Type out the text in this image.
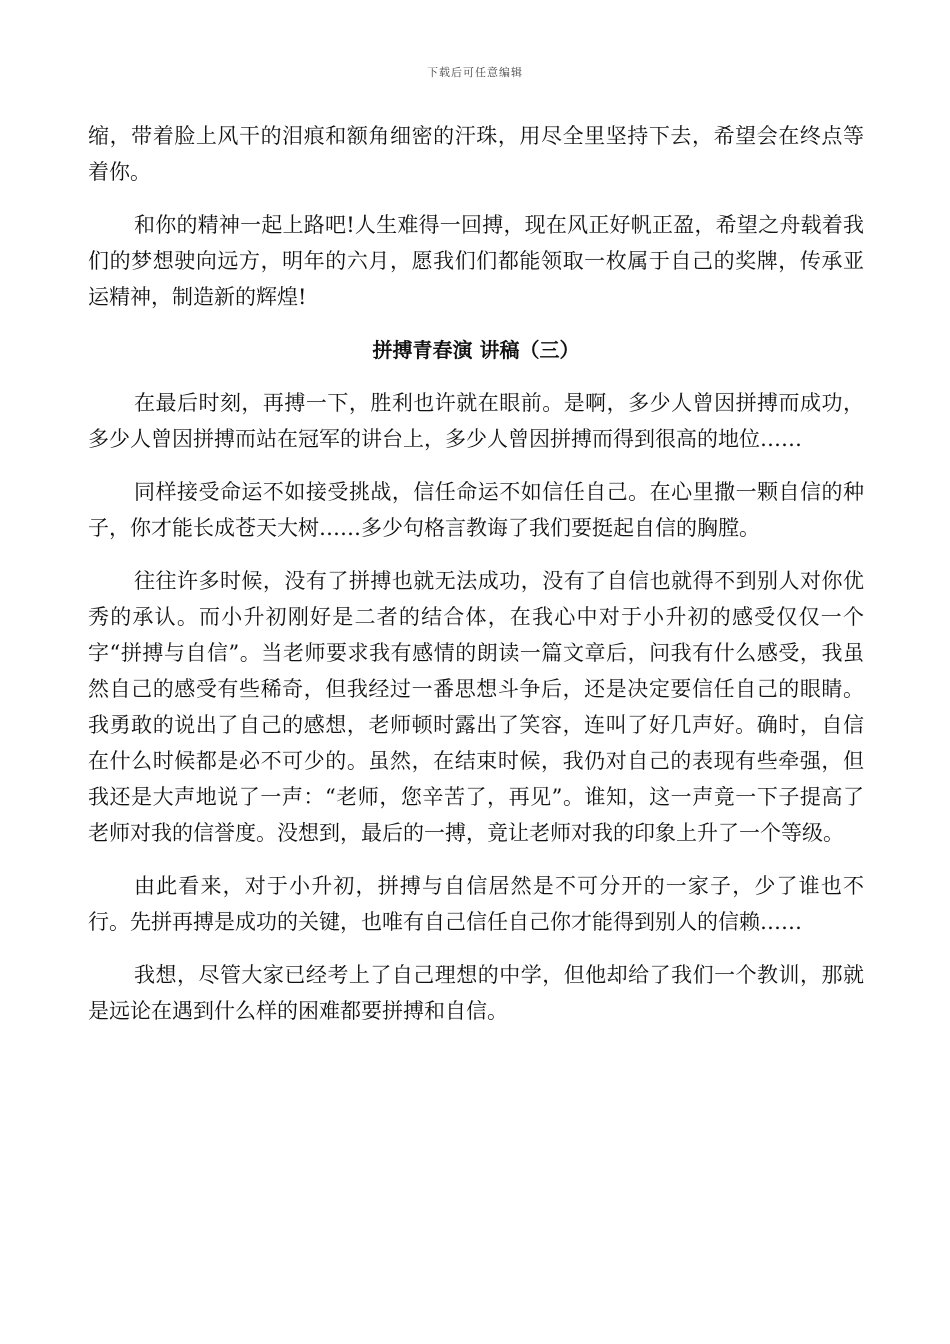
下载后可任意编辑

缩，带着脸上风干的泪痕和额角细密的汗珠，用尽全里坚持下去，希望会在终点等着你。

和你的精神一起上路吧!人生难得一回搏，现在风正好帆正盈，希望之舟载着我们的梦想驶向远方，明年的六月，愿我们们都能领取一枚属于自己的奖牌，传承亚运精神，制造新的辉煌!

拼搏青春演 讲稿（三）

在最后时刻，再搏一下，胜利也许就在眼前。是啊，多少人曾因拼搏而成功，多少人曾因拼搏而站在冠军的讲台上，多少人曾因拼搏而得到很高的地位……

同样接受命运不如接受挑战，信任命运不如信任自己。在心里撒一颗自信的种子，你才能长成苍天大树……多少句格言教诲了我们要挺起自信的胸膛。

往往许多时候，没有了拼搏也就无法成功，没有了自信也就得不到别人对你优秀的承认。而小升初刚好是二者的结合体，在我心中对于小升初的感受仅仅一个字“拼搏与自信”。当老师要求我有感情的朗读一篇文章后，问我有什么感受，我虽然自己的感受有些稀奇，但我经过一番思想斗争后，还是决定要信任自己的眼睛。我勇敢的说出了自己的感想，老师顿时露出了笑容，连叫了好几声好。确时，自信在什么时候都是必不可少的。虽然，在结束时候，我仍对自己的表现有些牵强，但我还是大声地说了一声：“老师，您辛苦了，再见”。谁知，这一声竟一下子提高了老师对我的信誉度。没想到，最后的一搏，竟让老师对我的印象上升了一个等级。

由此看来，对于小升初，拼搏与自信居然是不可分开的一家子，少了谁也不行。先拼再搏是成功的关键，也唯有自己信任自己你才能得到别人的信赖……

我想，尽管大家已经考上了自己理想的中学，但他却给了我们一个教训，那就是远论在遇到什么样的困难都要拼搏和自信。
